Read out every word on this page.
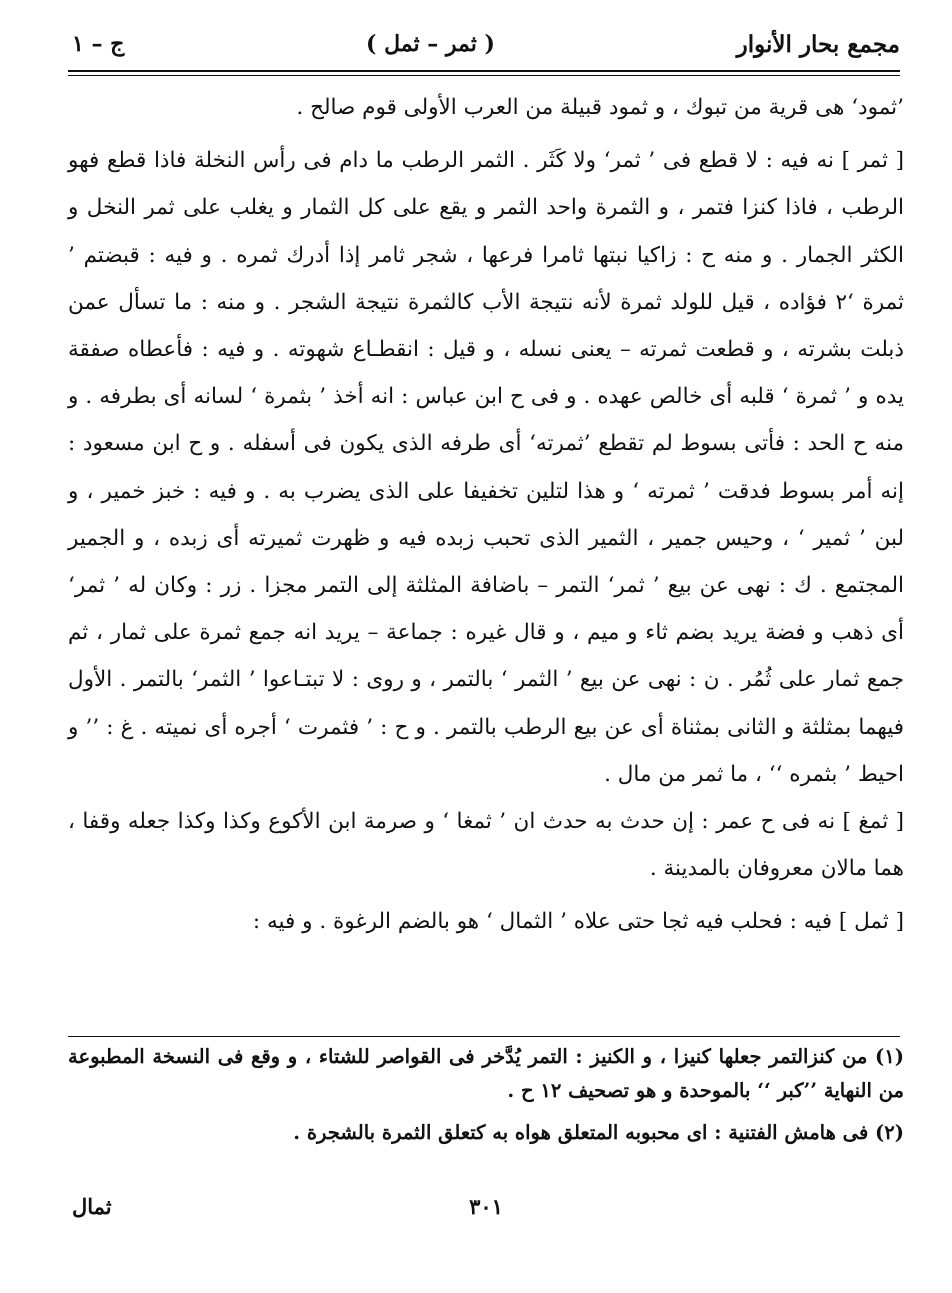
مجمع بحار الأنوار
( ثمر – ثمل )
ج – ١

’ثمود‘ هى قرية من تبوك ، و ثمود قبيلة من العرب الأولى قوم صالح .

[ ثمر ] نه فيه : لا قطع فى ’ ثمر‘ ولا كَثَر . الثمر الرطب ما دام فى رأس النخلة فاذا قطع فهو الرطب ، فاذا كنزا فتمر ، و الثمرة واحد الثمر و يقع على كل الثمار و يغلب على ثمر النخل و الكثر الجمار . و منه ح : زاكيا نبتها ثامرا فرعها ، شجر ثامر إذا أدرك ثمره . و فيه : قبضتم ’ ثمرة ‘٢ فؤاده ، قيل للولد ثمرة لأنه نتيجة الأب كالثمرة نتيجة الشجر . و منه : ما تسأل عمن ذبلت بشرته ، و قطعت ثمرته – يعنى نسله ، و قيل : انقطـاع شهوته . و فيه : فأعطاه صفقة يده و ’ ثمرة ‘ قلبه أى خالص عهده . و فى ح ابن عباس : انه أخذ ’ بثمرة ‘ لسانه أى بطرفه . و منه ح الحد : فأتى بسوط لم تقطع ’ثمرته‘ أى طرفه الذى يكون فى أسفله . و ح ابن مسعود : إنه أمر بسوط فدقت ’ ثمرته ‘ و هذا لتلين تخفيفا على الذى يضرب به . و فيه : خبز خمير ، و لبن ’ ثمير ‘ ، وحيس جمير ، الثمير الذى تحبب زبده فيه و ظهرت ثميرته أى زبده ، و الجمير المجتمع . ك : نهى عن بيع ’ ثمر‘ التمر – باضافة المثلثة إلى التمر مجزا . زر : وكان له ’ ثمر‘ أى ذهب و فضة يريد بضم ثاء و ميم ، و قال غيره : جماعة – يريد انه جمع ثمرة على ثمار ، ثم جمع ثمار على ثُمُر . ن : نهى عن بيع ’ الثمر ‘ بالتمر ، و روى : لا تبتـاعوا ’ الثمر‘ بالتمر . الأول فيهما بمثلثة و الثانى بمثناة أى عن بيع الرطب بالتمر . و ح : ’ فثمرت ‘ أجره أى نميته . غ : ’’ و احيط ’ بثمره ‘‘ ، ما ثمر من مال .

[ ثمغ ] نه فى ح عمر : إن حدث به حدث ان ’ ثمغا ‘ و صرمة ابن الأكوع وكذا وكذا جعله وقفا ، هما مالان معروفان بالمدينة .

[ ثمل ] فيه : فحلب فيه ثجا حتى علاه ’ الثمال ‘ هو بالضم الرغوة . و فيه :

(١) من كنزالتمر جعلها كنيزا ، و الكنيز : التمر يُدَّخر فى القواصر للشتاء ، و وقع فى النسخة المطبوعة من النهاية ’’كبر ‘‘ بالموحدة و هو تصحيف ١٢ ح .

(٢) فى هامش الفتنية : اى محبوبه المتعلق هواه به كتعلق الثمرة بالشجرة .

٣٠١
ثمال
